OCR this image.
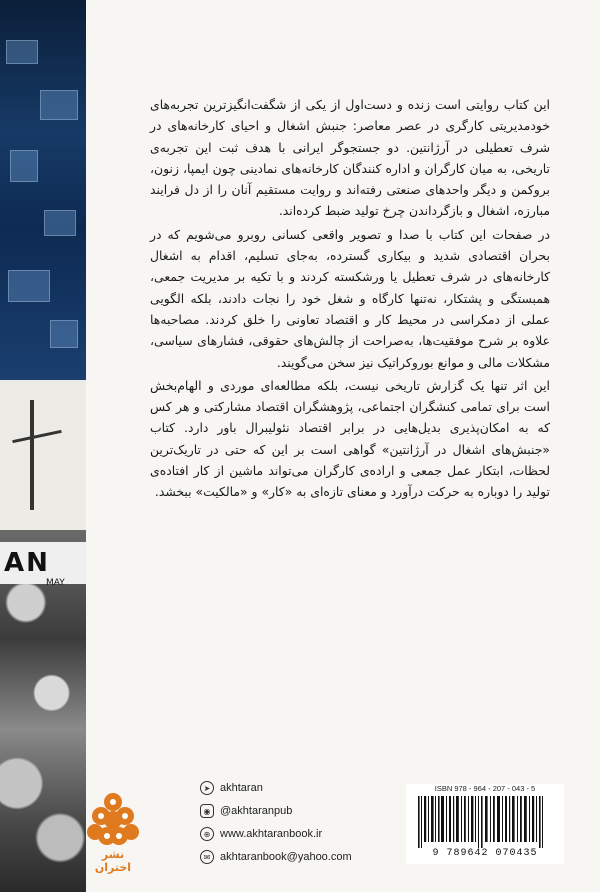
AN
MAY

این کتاب روایتی است زنده و دست‌اول از یکی از شگفت‌انگیزترین تجربه‌های خودمدیریتی کارگری در عصر معاصر: جنبش اشغال و احیای کارخانه‌های در شرف تعطیلی در آرژانتین. دو جستجوگر ایرانی با هدف ثبت این تجربه‌ی تاریخی، به میان کارگران و اداره کنندگان کارخانه‌های نمادینی چون ایمپا، زنون، بروکمن و دیگر واحدهای صنعتی رفته‌اند و روایت مستقیم آنان را از دل فرایند مبارزه، اشغال و بازگرداندن چرخ تولید ضبط کرده‌اند.

در صفحات این کتاب با صدا و تصویر واقعی کسانی روبرو می‌شویم که در بحران اقتصادی شدید و بیکاری گسترده، به‌جای تسلیم، اقدام به اشغال کارخانه‌های در شرف تعطیل یا ورشکسته کردند و با تکیه بر مدیریت جمعی، همبستگی و پشتکار، نه‌تنها کارگاه و شغل خود را نجات دادند، بلکه الگویی عملی از دمکراسی در محیط کار و اقتصاد تعاونی را خلق کردند. مصاحبه‌ها علاوه بر شرح موفقیت‌ها، به‌صراحت از چالش‌های حقوقی، فشارهای سیاسی، مشکلات مالی و موانع بوروکراتیک نیز سخن می‌گویند.

این اثر تنها یک گزارش تاریخی نیست، بلکه مطالعه‌ای موردی و الهام‌بخش است برای تمامی کنشگران اجتماعی، پژوهشگران اقتصاد مشارکتی و هر کس که به امکان‌پذیری بدیل‌هایی در برابر اقتصاد نئولیبرال باور دارد. کتاب «جنبش‌های اشغال در آرژانتین» گواهی است بر این که حتی در تاریک‌ترین لحظات، ابتکار عمل جمعی و اراده‌ی کارگران می‌تواند ماشین از کار افتاده‌ی تولید را دوباره به حرکت درآورد و معنای تازه‌ای به «کار» و «مالکیت» ببخشد.

نشر اختران
➤ akhtaran
◉ @akhtaranpub
⊕ www.akhtaranbook.ir
✉ akhtaranbook@yahoo.com
ISBN 978 - 964 - 207 - 043 - 5
9 789642 070435
